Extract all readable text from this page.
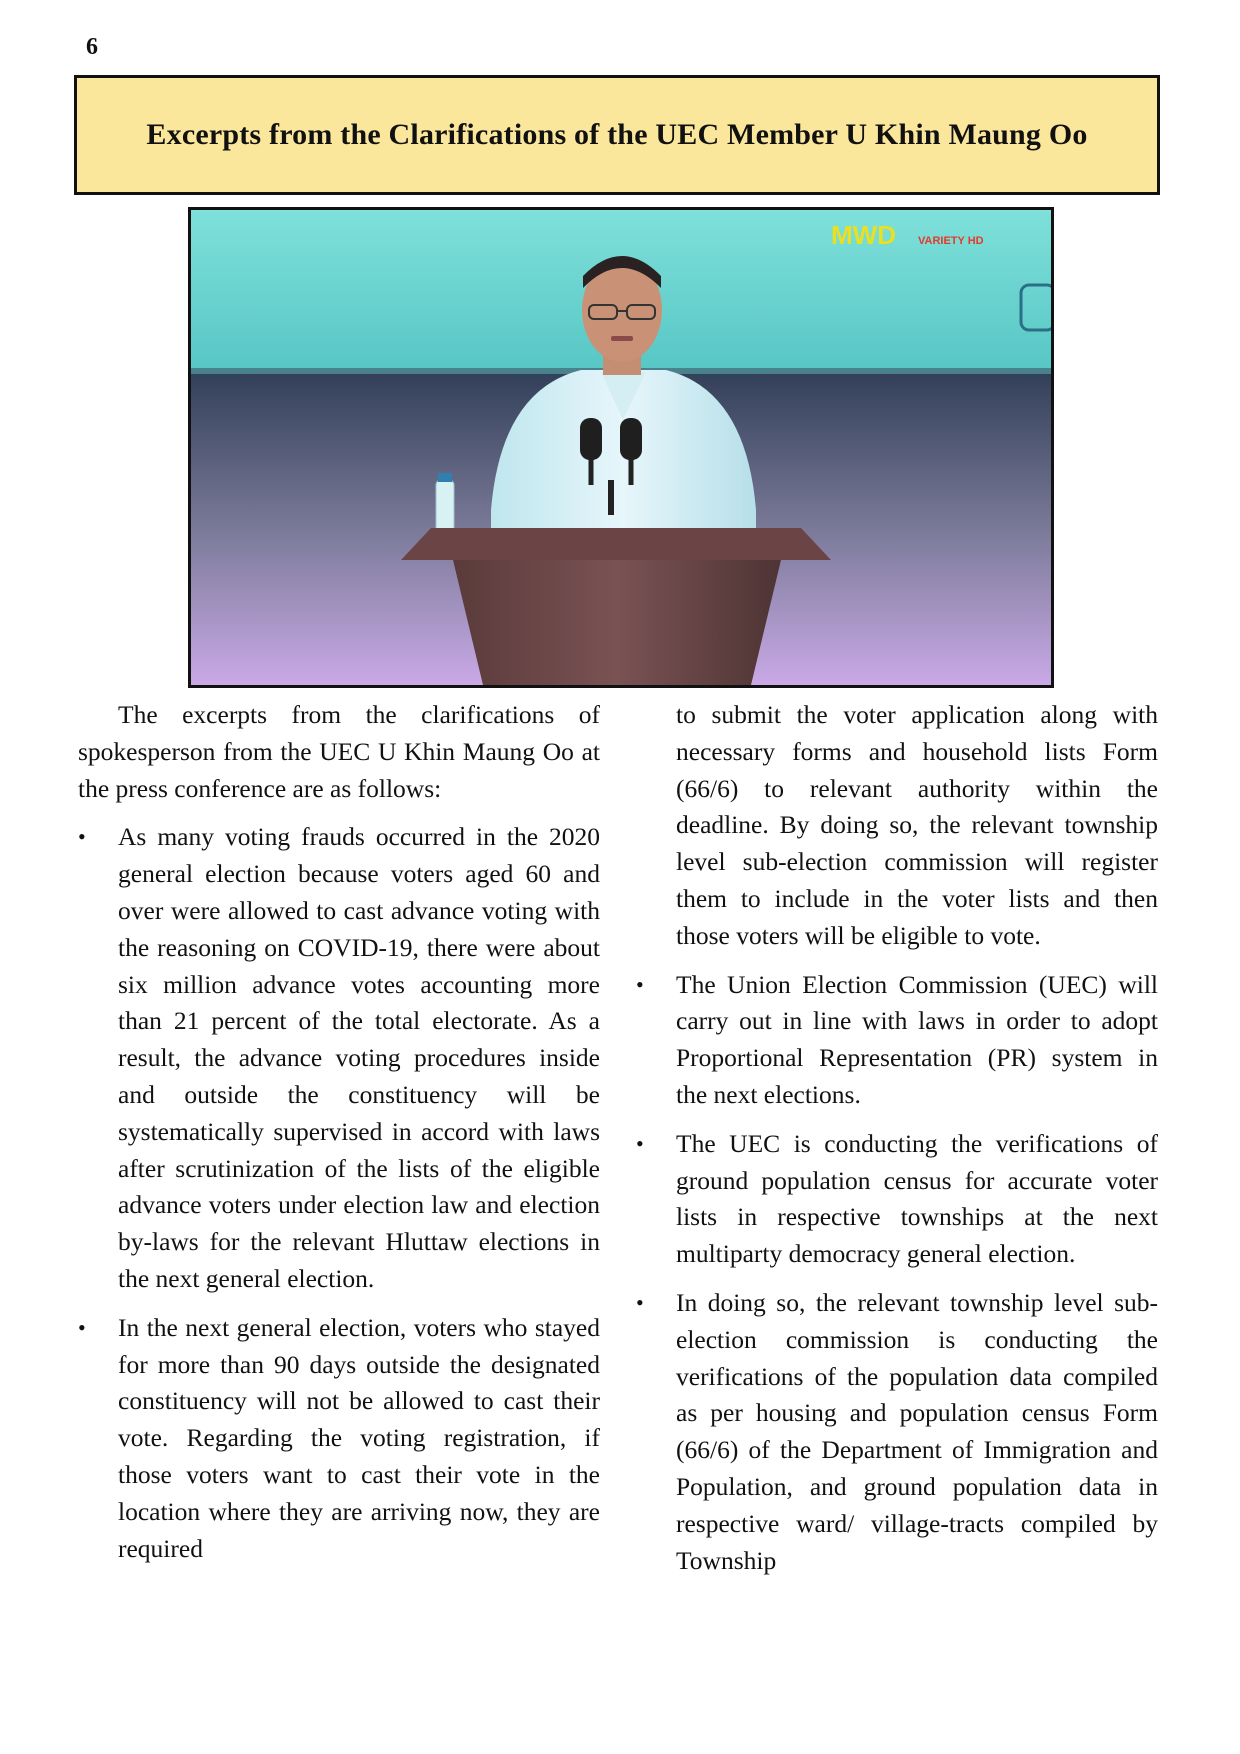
6
Excerpts from the Clarifications of the UEC Member U Khin Maung Oo
MWD VARIETY HD

The excerpts from the clarifications of spokesperson from the UEC U Khin Maung Oo at the press conference are as follows:

• As many voting frauds occurred in the 2020 general election because voters aged 60 and over were allowed to cast advance voting with the reasoning on COVID-19, there were about six million advance votes accounting more than 21 percent of the total electorate. As a result, the advance voting procedures inside and outside the constituency will be systematically supervised in accord with laws after scrutinization of the lists of the eligible advance voters under election law and election by-laws for the relevant Hluttaw elections in the next general election.
• In the next general election, voters who stayed for more than 90 days outside the designated constituency will not be allowed to cast their vote. Regarding the voting registration, if those voters want to cast their vote in the location where they are arriving now, they are required

to submit the voter application along with necessary forms and household lists Form (66/6) to relevant authority within the deadline. By doing so, the relevant township level sub-election commission will register them to include in the voter lists and then those voters will be eligible to vote.

• The Union Election Commission (UEC) will carry out in line with laws in order to adopt Proportional Representation (PR) system in the next elections.
• The UEC is conducting the verifications of ground population census for accurate voter lists in respective townships at the next multiparty democracy general election.
• In doing so, the relevant township level sub-election commission is conducting the verifications of the population data compiled as per housing and population census Form (66/6) of the Department of Immigration and Population, and ground population data in respective ward/ village-tracts compiled by Township
